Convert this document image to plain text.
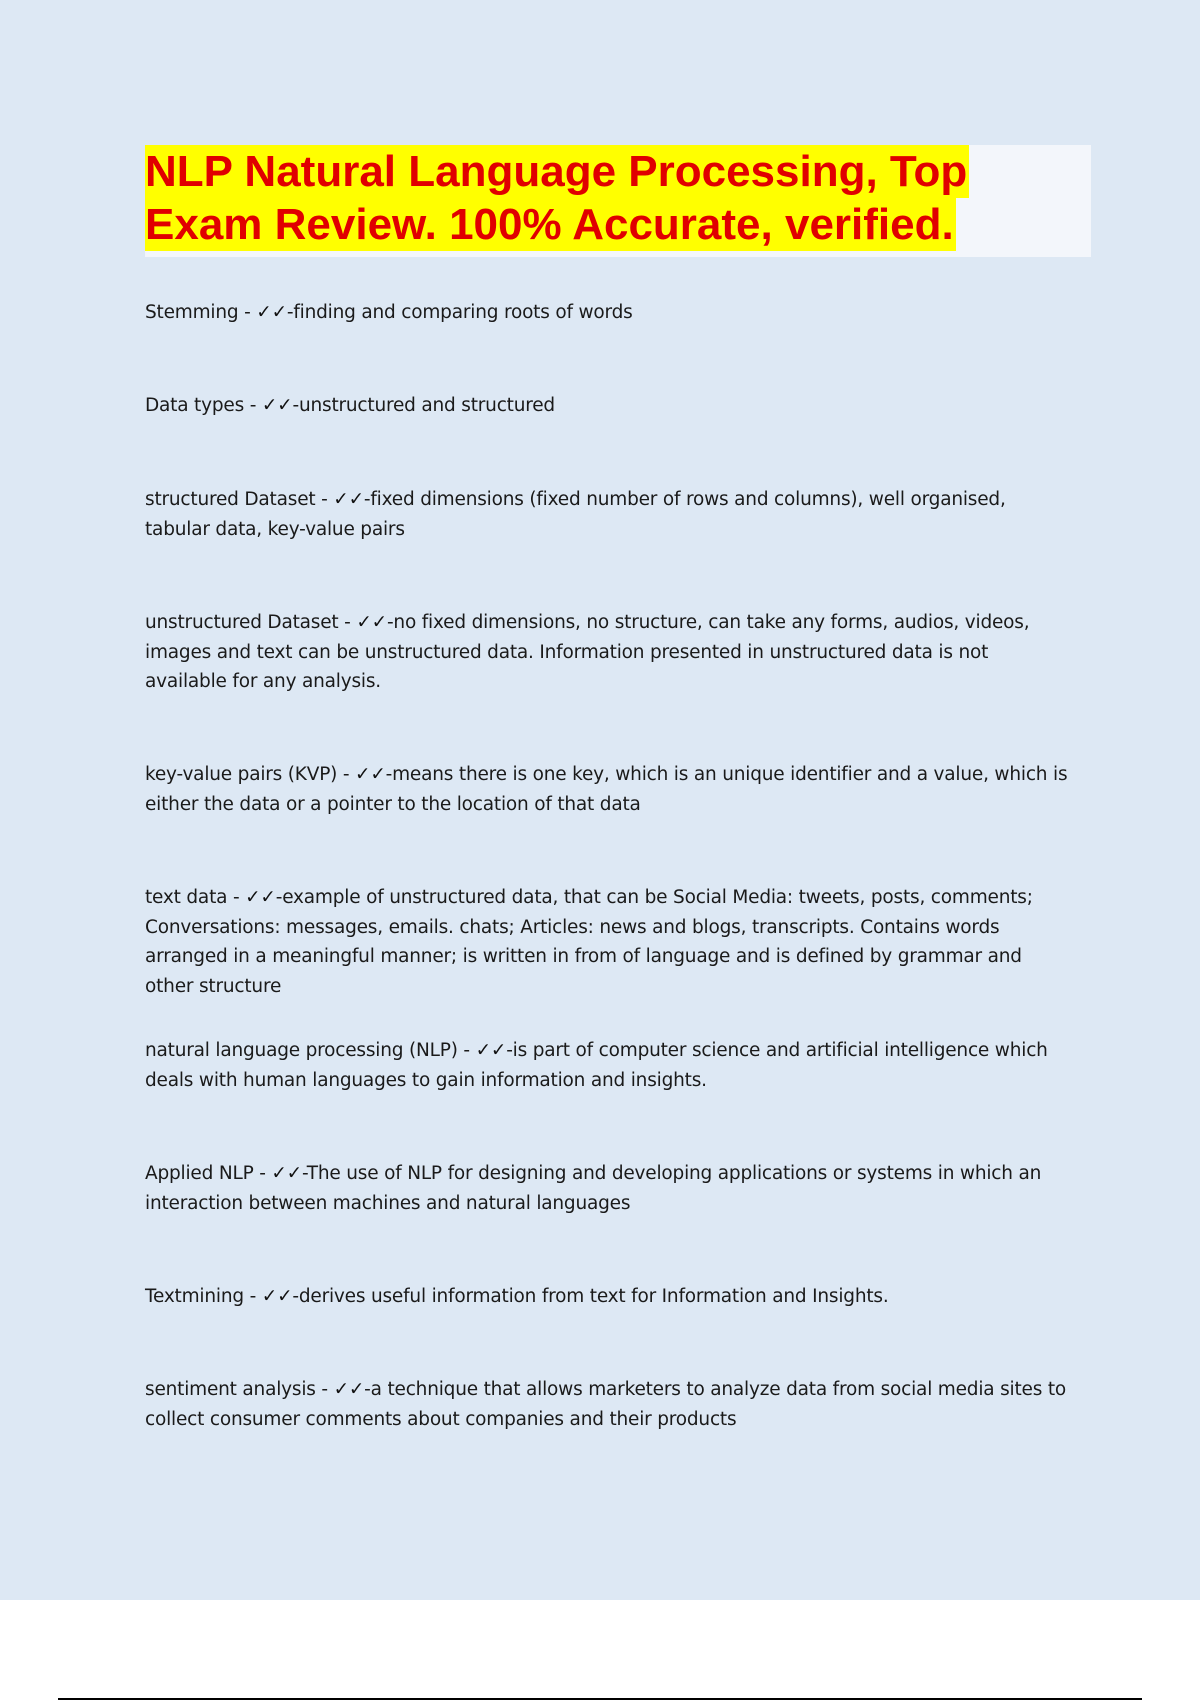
NLP Natural Language Processing, Top
Exam Review. 100% Accurate, verified.

Stemming - ✓✓-finding and comparing roots of words

Data types - ✓✓-unstructured and structured

structured Dataset - ✓✓-fixed dimensions (fixed number of rows and columns), well organised, tabular data, key-value pairs

unstructured Dataset - ✓✓-no fixed dimensions, no structure, can take any forms, audios, videos, images and text can be unstructured data. Information presented in unstructured data is not available for any analysis.

key-value pairs (KVP) - ✓✓-means there is one key, which is an unique identifier and a value, which is either the data or a pointer to the location of that data

text data - ✓✓-example of unstructured data, that can be Social Media: tweets, posts, comments; Conversations: messages, emails. chats; Articles: news and blogs, transcripts. Contains words arranged in a meaningful manner; is written in from of language and is defined by grammar and other structure

natural language processing (NLP) - ✓✓-is part of computer science and artificial intelligence which deals with human languages to gain information and insights.

Applied NLP - ✓✓-The use of NLP for designing and developing applications or systems in which an interaction between machines and natural languages

Textmining - ✓✓-derives useful information from text for Information and Insights.

sentiment analysis - ✓✓-a technique that allows marketers to analyze data from social media sites to collect consumer comments about companies and their products
